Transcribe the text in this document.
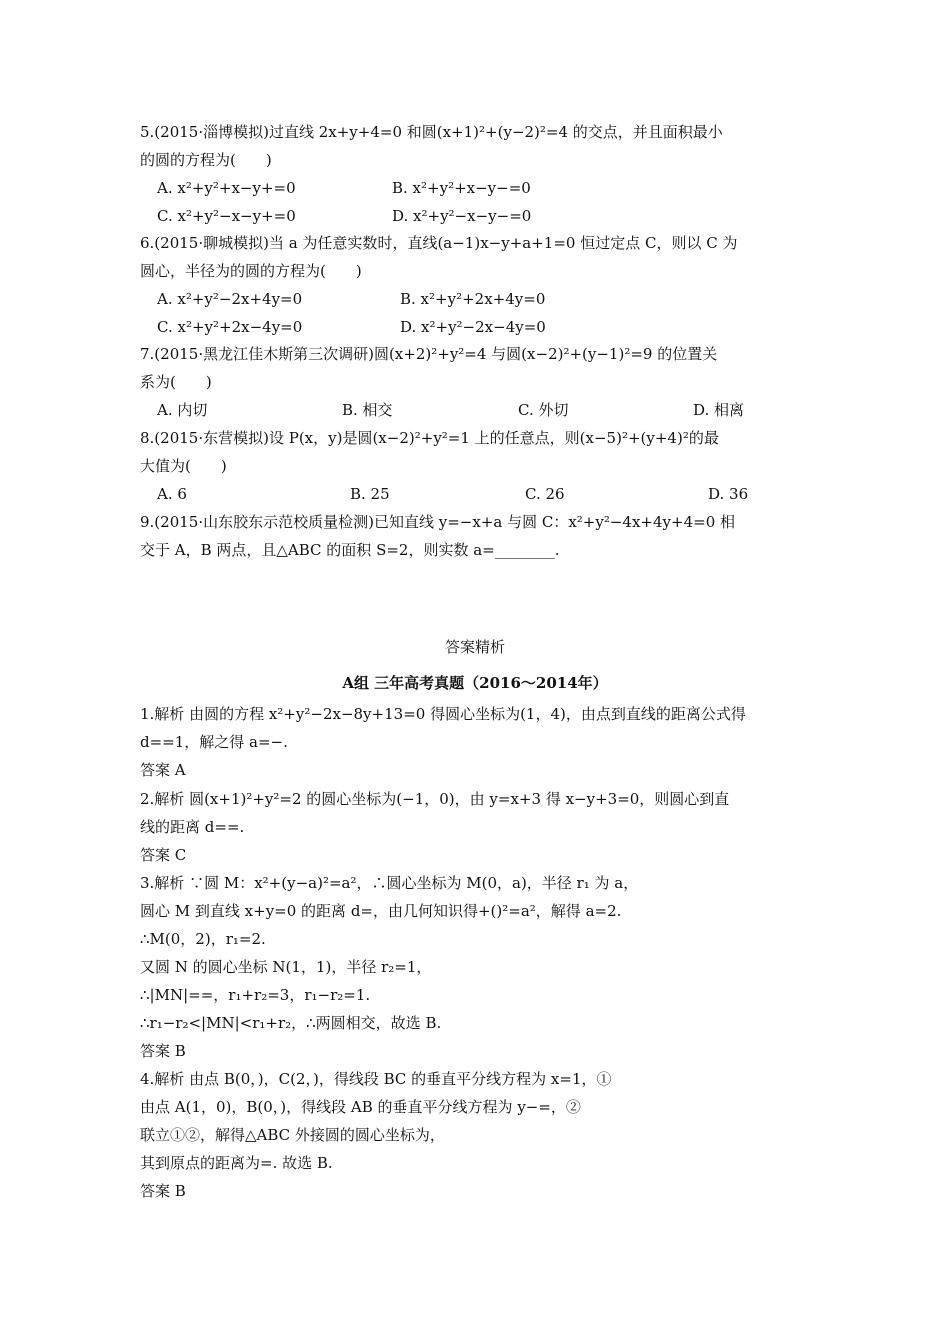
5.(2015·淄博模拟)过直线 2x+y+4=0 和圆(x+1)²+(y−2)²=4 的交点，并且面积最小
的圆的方程为(　　)
A. x²+y²+x−y+=0	B. x²+y²+x−y−=0
C. x²+y²−x−y+=0	D. x²+y²−x−y−=0
6.(2015·聊城模拟)当 a 为任意实数时，直线(a−1)x−y+a+1=0 恒过定点 C，则以 C 为
圆心，半径为的圆的方程为(　　)
A. x²+y²−2x+4y=0	B. x²+y²+2x+4y=0
C. x²+y²+2x−4y=0	D. x²+y²−2x−4y=0
7.(2015·黑龙江佳木斯第三次调研)圆(x+2)²+y²=4 与圆(x−2)²+(y−1)²=9 的位置关
系为(　　)
A. 内切	B. 相交	C. 外切	D. 相离
8.(2015·东营模拟)设 P(x，y)是圆(x−2)²+y²=1 上的任意点，则(x−5)²+(y+4)²的最
大值为(　　)
A. 6	B. 25	C. 26	D. 36
9.(2015·山东胶东示范校质量检测)已知直线 y=−x+a 与圆 C：x²+y²−4x+4y+4=0 相
交于 A，B 两点，且△ABC 的面积 S=2，则实数 a=________.
答案精析
A组 三年高考真题（2016～2014年）
1.解析 由圆的方程 x²+y²−2x−8y+13=0 得圆心坐标为(1，4)，由点到直线的距离公式得
d==1，解之得 a=−.
答案 A
2.解析 圆(x+1)²+y²=2 的圆心坐标为(−1，0)，由 y=x+3 得 x−y+3=0，则圆心到直
线的距离 d==.
答案 C
3.解析 ∵圆 M：x²+(y−a)²=a²，∴圆心坐标为 M(0，a)，半径 r₁ 为 a，
圆心 M 到直线 x+y=0 的距离 d=，由几何知识得+()²=a²，解得 a=2.
∴M(0，2)，r₁=2.
又圆 N 的圆心坐标 N(1，1)，半径 r₂=1，
∴|MN|==，r₁+r₂=3，r₁−r₂=1.
∴r₁−r₂<|MN|<r₁+r₂，∴两圆相交，故选 B.
答案 B
4.解析 由点 B(0，)，C(2，)，得线段 BC 的垂直平分线方程为 x=1，①
由点 A(1，0)，B(0，)，得线段 AB 的垂直平分线方程为 y−=，②
联立①②，解得△ABC 外接圆的圆心坐标为，
其到原点的距离为=. 故选 B.
答案 B
